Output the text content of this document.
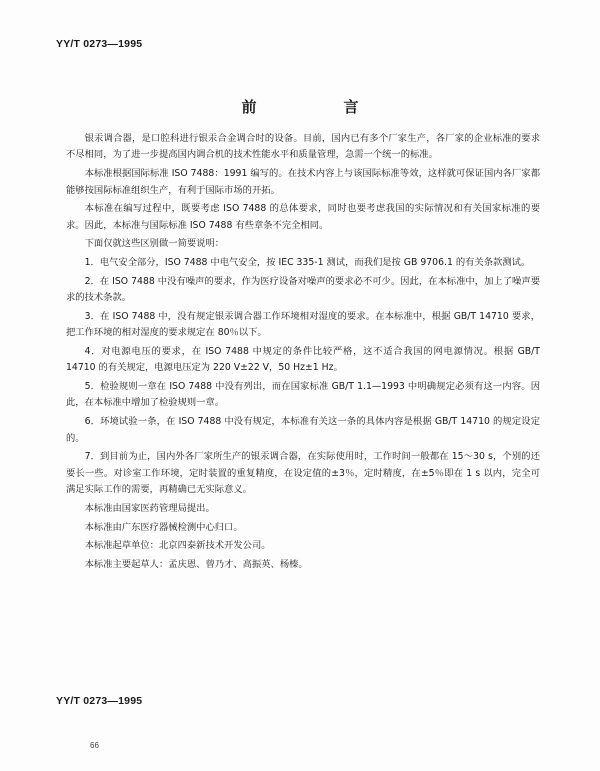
YY/T 0273—1995
前　言

银汞调合器，是口腔科进行银汞合金调合时的设备。目前，国内已有多个厂家生产，各厂家的企业标准的要求不尽相同，为了进一步提高国内调合机的技术性能水平和质量管理，急需一个统一的标准。

本标准根据国际标准 ISO 7488：1991 编写的。在技术内容上与该国际标准等效，这样就可保证国内各厂家都能够按国际标准组织生产，有利于国际市场的开拓。

本标准在编写过程中，既要考虑 ISO 7488 的总体要求，同时也要考虑我国的实际情况和有关国家标准的要求。因此，本标准与国际标准 ISO 7488 有些章条不完全相同。

下面仅就这些区别做一简要说明：

1．电气安全部分，ISO 7488 中电气安全，按 IEC 335-1 测试，而我们是按 GB 9706.1 的有关条款测试。

2．在 ISO 7488 中没有噪声的要求，作为医疗设备对噪声的要求必不可少。因此，在本标准中，加上了噪声要求的技术条款。

3．在 ISO 7488 中，没有规定银汞调合器工作环境相对湿度的要求。在本标准中，根据 GB/T 14710 要求，把工作环境的相对湿度的要求规定在 80％以下。

4．对电源电压的要求，在 ISO 7488 中规定的条件比较严格，这不适合我国的网电源情况。根据 GB/T 14710 的有关规定，电源电压定为 220 V±22 V，50 Hz±1 Hz。

5．检验规则一章在 ISO 7488 中没有列出，而在国家标准 GB/T 1.1—1993 中明确规定必须有这一内容。因此，在本标准中增加了检验规则一章。

6．环境试验一条，在 ISO 7488 中没有规定，本标准有关这一条的具体内容是根据 GB/T 14710 的规定设定的。

7．到目前为止，国内外各厂家所生产的银汞调合器，在实际使用时，工作时间一般都在 15～30 s，个别的还要长一些。对诊室工作环境，定时装置的重复精度，在设定值的±3％，定时精度，在±5％即在 1 s 以内，完全可满足实际工作的需要，再精确已无实际意义。

本标准由国家医药管理局提出。

本标准由广东医疗器械检测中心归口。

本标准起草单位：北京四泰新技术开发公司。

本标准主要起草人：孟庆恩、曾乃才、高振英、杨榛。

YY/T 0273—1995
66
